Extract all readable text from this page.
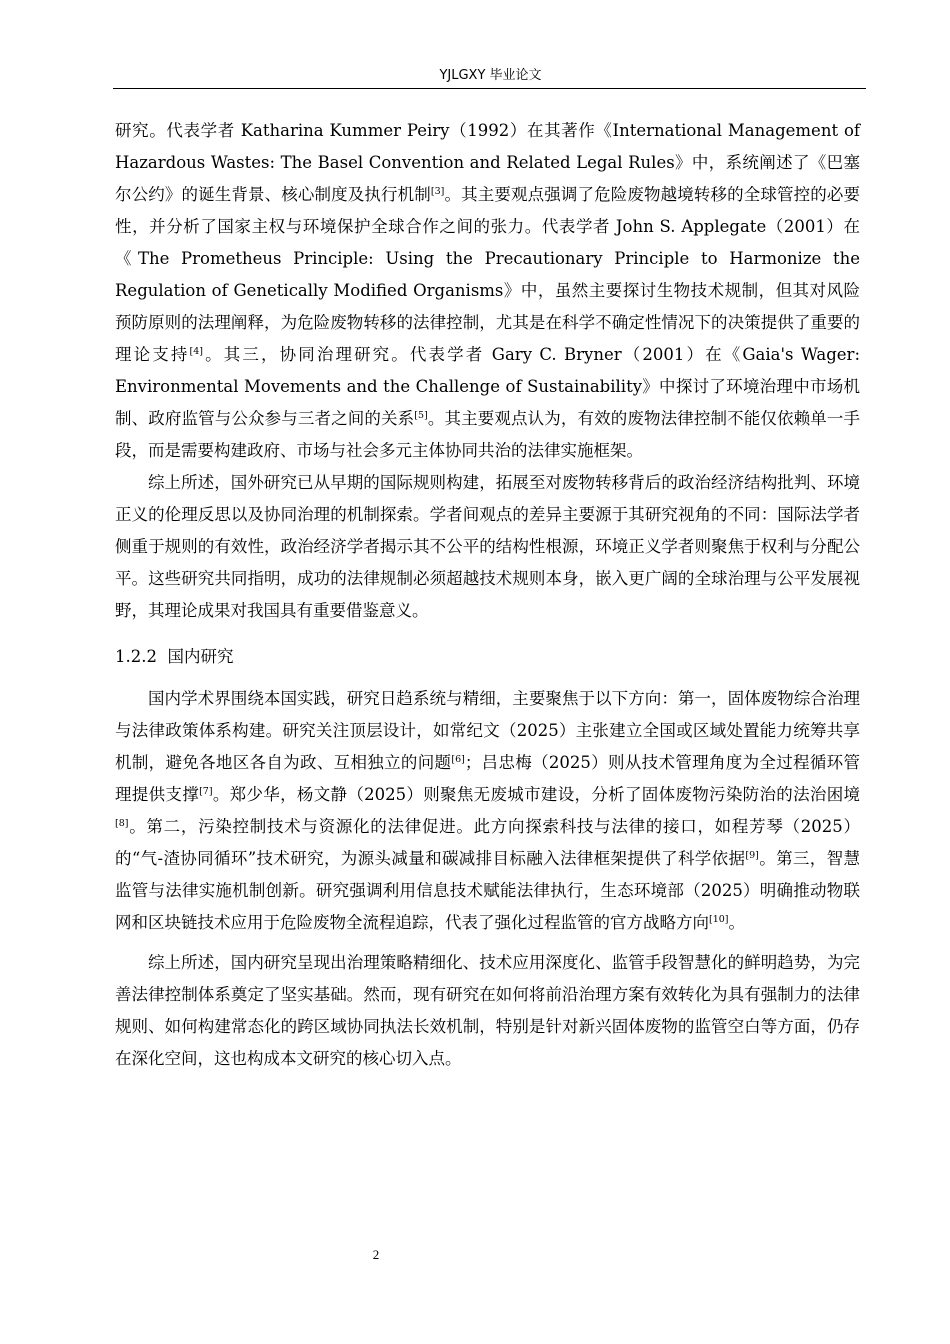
YJLGXY 毕业论文

研究。代表学者 Katharina Kummer Peiry（1992）在其著作《International Management of Hazardous Wastes: The Basel Convention and Related Legal Rules》中，系统阐述了《巴塞尔公约》的诞生背景、核心制度及执行机制[3]。其主要观点强调了危险废物越境转移的全球管控的必要性，并分析了国家主权与环境保护全球合作之间的张力。代表学者 John S. Applegate（2001）在《The Prometheus Principle: Using the Precautionary Principle to Harmonize the Regulation of Genetically Modified Organisms》中，虽然主要探讨生物技术规制，但其对风险预防原则的法理阐释，为危险废物转移的法律控制，尤其是在科学不确定性情况下的决策提供了重要的理论支持[4]。其三，协同治理研究。代表学者 Gary C. Bryner（2001）在《Gaia's Wager: Environmental Movements and the Challenge of Sustainability》中探讨了环境治理中市场机制、政府监管与公众参与三者之间的关系[5]。其主要观点认为，有效的废物法律控制不能仅依赖单一手段，而是需要构建政府、市场与社会多元主体协同共治的法律实施框架。

综上所述，国外研究已从早期的国际规则构建，拓展至对废物转移背后的政治经济结构批判、环境正义的伦理反思以及协同治理的机制探索。学者间观点的差异主要源于其研究视角的不同：国际法学者侧重于规则的有效性，政治经济学者揭示其不公平的结构性根源，环境正义学者则聚焦于权利与分配公平。这些研究共同指明，成功的法律规制必须超越技术规则本身，嵌入更广阔的全球治理与公平发展视野，其理论成果对我国具有重要借鉴意义。

1.2.2 国内研究

国内学术界围绕本国实践，研究日趋系统与精细，主要聚焦于以下方向：第一，固体废物综合治理与法律政策体系构建。研究关注顶层设计，如常纪文（2025）主张建立全国或区域处置能力统筹共享机制，避免各地区各自为政、互相独立的问题[6]；吕忠梅（2025）则从技术管理角度为全过程循环管理提供支撑[7]。郑少华，杨文静（2025）则聚焦无废城市建设，分析了固体废物污染防治的法治困境[8]。第二，污染控制技术与资源化的法律促进。此方向探索科技与法律的接口，如程芳琴（2025）的“气-渣协同循环”技术研究，为源头减量和碳减排目标融入法律框架提供了科学依据[9]。第三，智慧监管与法律实施机制创新。研究强调利用信息技术赋能法律执行，生态环境部（2025）明确推动物联网和区块链技术应用于危险废物全流程追踪，代表了强化过程监管的官方战略方向[10]。

综上所述，国内研究呈现出治理策略精细化、技术应用深度化、监管手段智慧化的鲜明趋势，为完善法律控制体系奠定了坚实基础。然而，现有研究在如何将前沿治理方案有效转化为具有强制力的法律规则、如何构建常态化的跨区域协同执法长效机制，特别是针对新兴固体废物的监管空白等方面，仍存在深化空间，这也构成本文研究的核心切入点。

2
